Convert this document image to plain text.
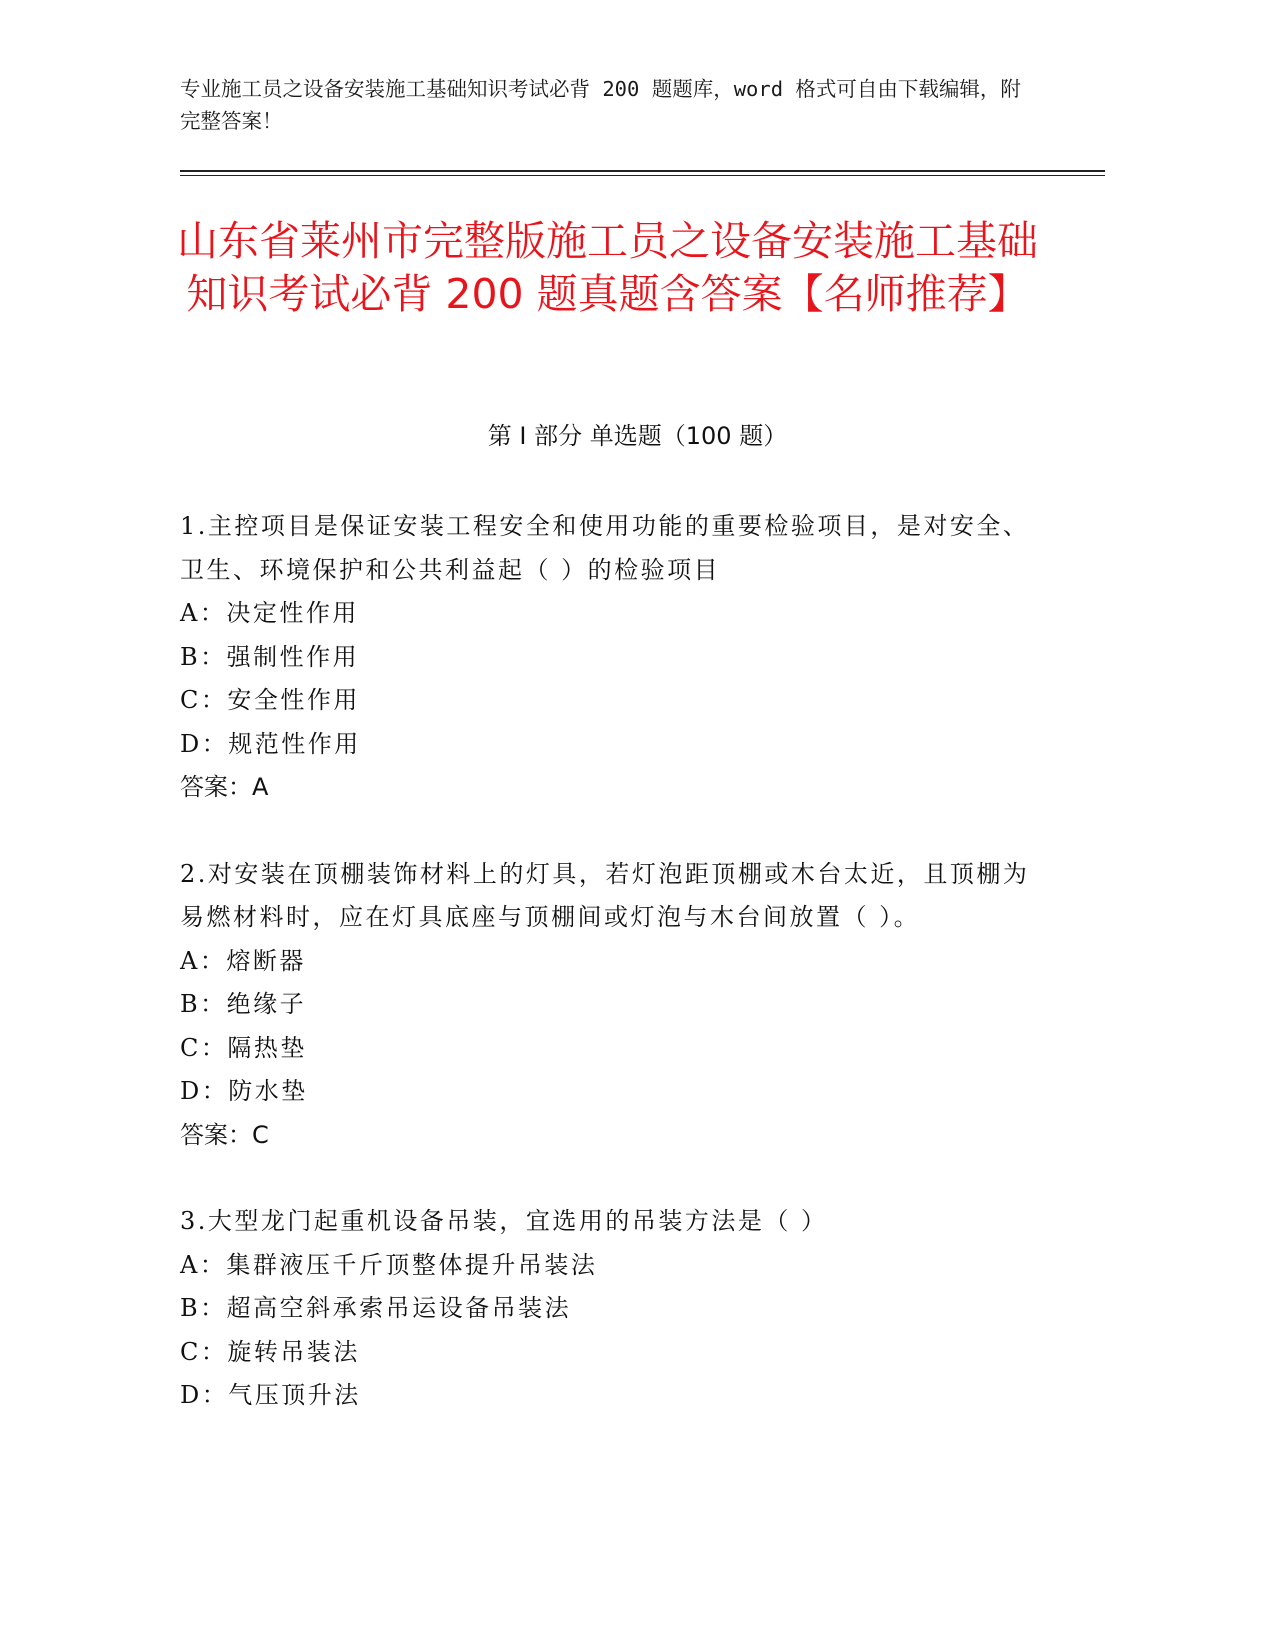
专业施工员之设备安装施工基础知识考试必背 200 题题库，word 格式可自由下载编辑，附完整答案！
山东省莱州市完整版施工员之设备安装施工基础知识考试必背 200 题真题含答案【名师推荐】
第 I 部分 单选题（100 题）

1.主控项目是保证安装工程安全和使用功能的重要检验项目，是对安全、卫生、环境保护和公共利益起（ ）的检验项目

A：决定性作用

B：强制性作用

C：安全性作用

D：规范性作用

答案：A

2.对安装在顶棚装饰材料上的灯具，若灯泡距顶棚或木台太近，且顶棚为易燃材料时，应在灯具底座与顶棚间或灯泡与木台间放置（ ）。

A：熔断器

B：绝缘子

C：隔热垫

D：防水垫

答案：C

3.大型龙门起重机设备吊装，宜选用的吊装方法是（ ）

A：集群液压千斤顶整体提升吊装法

B：超高空斜承索吊运设备吊装法

C：旋转吊装法

D：气压顶升法
